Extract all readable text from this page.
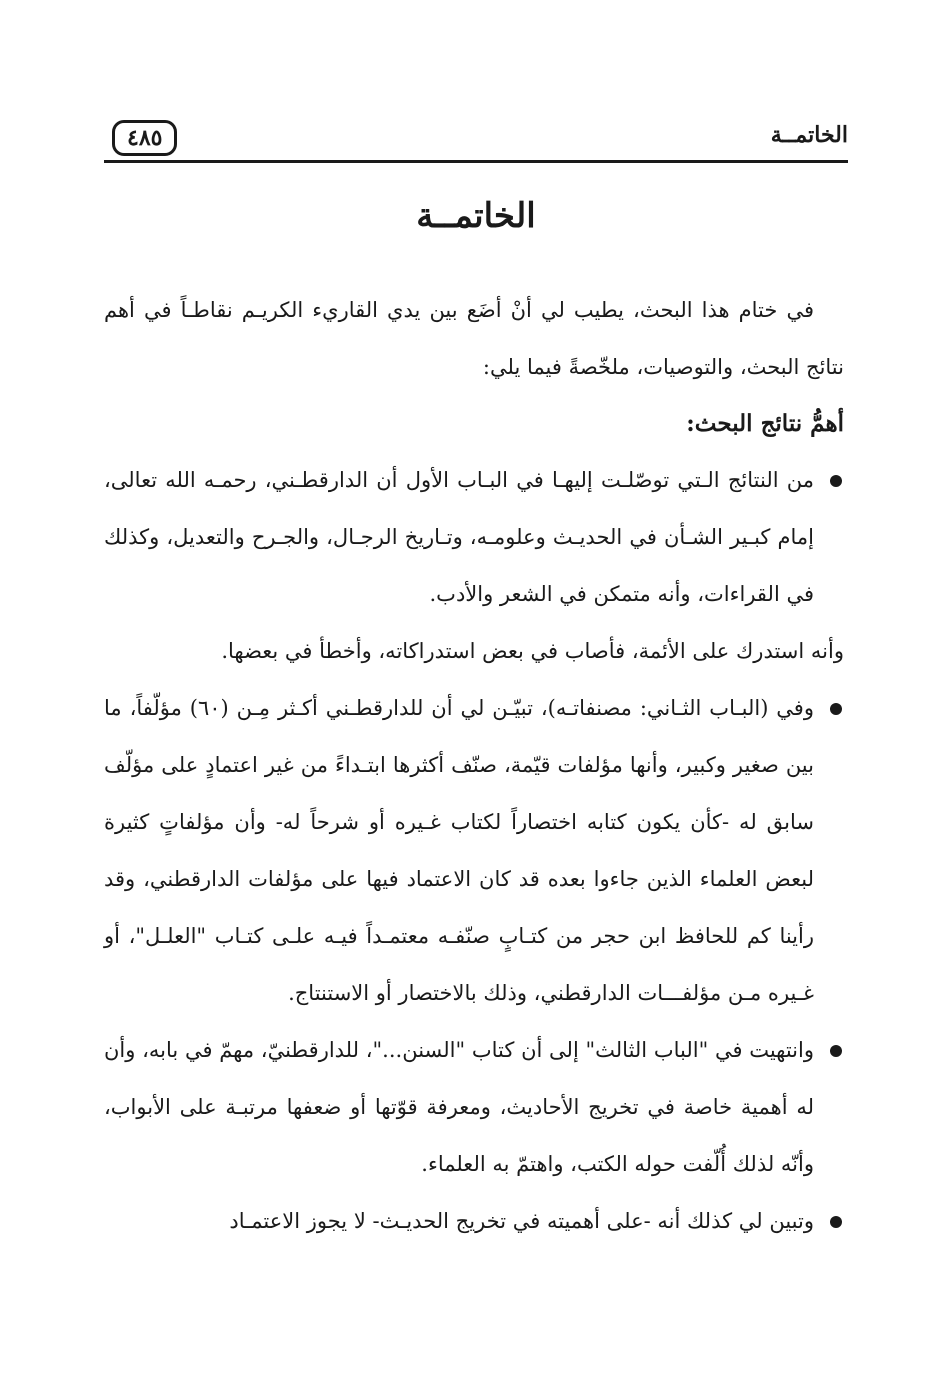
الخاتمــة
٤٨٥
الخاتمــة

في ختام هذا البحث، يطيب لي أنْ أضَع بين يدي القاريء الكريـم نقاطـاً في أهم نتائج البحث، والتوصيات، ملخّصةً فيما يلي:

أهمُّ نتائج البحث:

من النتائج الـتي توصّلـت إليهـا في البـاب الأول أن الدارقطـني، رحمـه الله تعالى، إمام كبـير الشـأن في الحديـث وعلومـه، وتـاريخ الرجـال، والجـرح والتعديل، وكذلك في القراءات، وأنه متمكن في الشعر والأدب.

وأنه استدرك على الأئمة، فأصاب في بعض استدراكاته، وأخطأ في بعضها.

وفي (البـاب الثـاني: مصنفاتـه)، تبيّـن لي أن للدارقطـني أكـثر مِـن (٦٠) مؤلّفاً، ما بين صغير وكبير، وأنها مؤلفات قيّمة، صنّف أكثرها ابتـداءً من غير اعتمادٍ على مؤلّف سابق له -كأن يكون كتابه اختصاراً لكتاب غـيره أو شرحاً له- وأن مؤلفاتٍ كثيرة لبعض العلماء الذين جاءوا بعده قد كان الاعتماد فيها على مؤلفات الدارقطني، وقد رأينا كم للحافظ ابن حجر من كتـابٍ صنّفـه معتمـداً فيـه علـى كتـاب "العلـل"، أو غـيره مـن مؤلفـــات الدارقطني، وذلك بالاختصار أو الاستنتاج.

وانتهيت في "الباب الثالث" إلى أن كتاب "السنن..."، للدارقطنيّ، مهمّ في بابه، وأن له أهمية خاصة في تخريج الأحاديث، ومعرفة قوّتها أو ضعفها مرتبـة على الأبواب، وأنّه لذلك أُلّفت حوله الكتب، واهتمّ به العلماء.

وتبين لي كذلك أنه -على أهميته في تخريج الحديـث- لا يجوز الاعتمـاد
